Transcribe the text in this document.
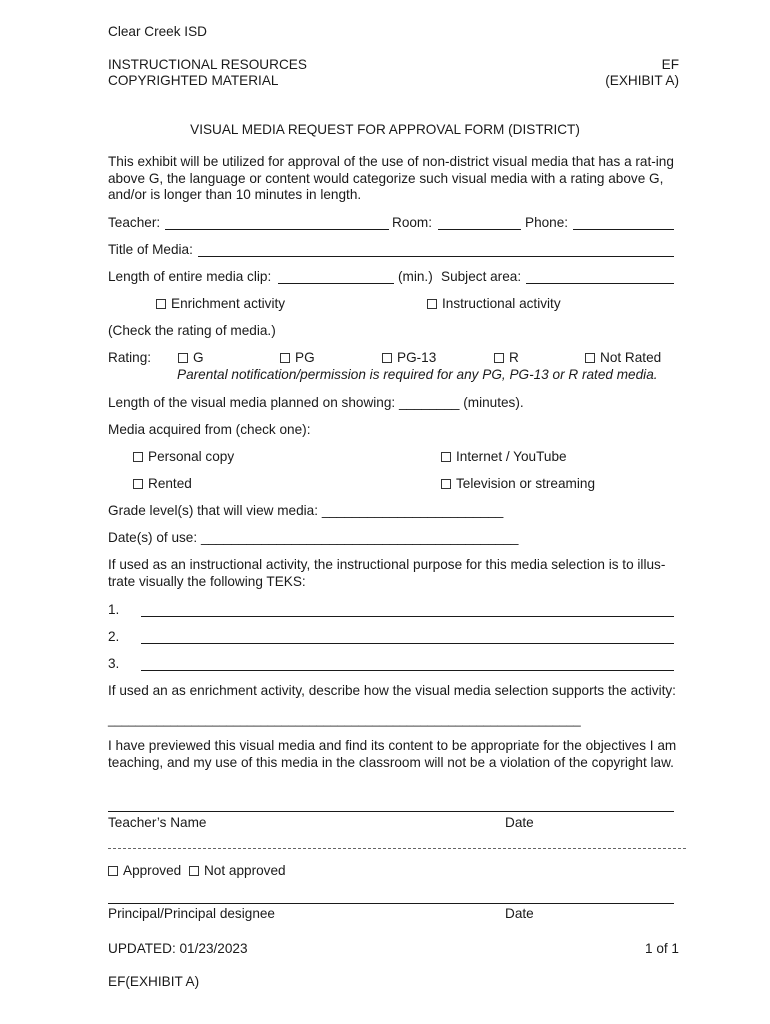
Clear Creek ISD
INSTRUCTIONAL RESOURCES
COPYRIGHTED MATERIAL
EF
(EXHIBIT A)
VISUAL MEDIA REQUEST FOR APPROVAL FORM (DISTRICT)
This exhibit will be utilized for approval of the use of non-district visual media that has a rat-ing above G, the language or content would categorize such visual media with a rating above G, and/or is longer than 10 minutes in length.
Teacher:	Room:	Phone:
Title of Media:
Length of entire media clip:	(min.) Subject area:
Enrichment activity	Instructional activity
(Check the rating of media.)
Rating:	G	PG	PG-13	R	Not Rated
Parental notification/permission is required for any PG, PG-13 or R rated media.
Length of the visual media planned on showing: ________ (minutes).
Media acquired from (check one):
Personal copy	Internet / YouTube
Rented	Television or streaming
Grade level(s) that will view media: ________________________
Date(s) of use: __________________________________________
If used as an instructional activity, the instructional purpose for this media selection is to illus-trate visually the following TEKS:
1.
2.
3.
If used an as enrichment activity, describe how the visual media selection supports the activity:
____________________________________________________________________
I have previewed this visual media and find its content to be appropriate for the objectives I am teaching, and my use of this media in the classroom will not be a violation of the copyright law.
Teacher’s Name	Date
Approved Not approved
Principal/Principal designee	Date
UPDATED: 01/23/2023	1 of 1
EF(EXHIBIT A)
